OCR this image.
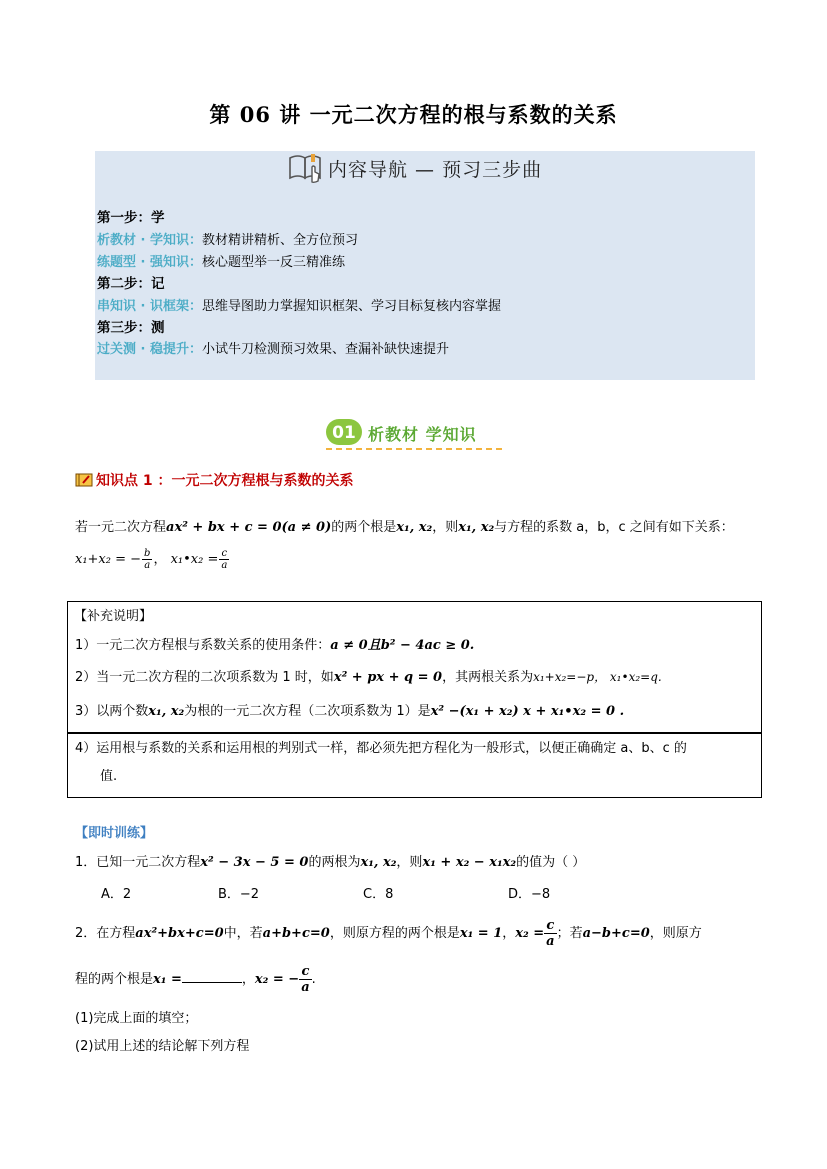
第 06 讲 一元二次方程的根与系数的关系
内容导航 — 预习三步曲
第一步：学
析教材 · 学知识：教材精讲精析、全方位预习
练题型 · 强知识：核心题型举一反三精准练
第二步：记
串知识 · 识框架：思维导图助力掌握知识框架、学习目标复核内容掌握
第三步：测
过关测 · 稳提升：小试牛刀检测预习效果、查漏补缺快速提升
01 析教材 学知识
知识点 1 ：一元二次方程根与系数的关系
若一元二次方程ax² + bx + c = 0(a ≠ 0)的两个根是x₁, x₂，则x₁, x₂与方程的系数 a，b，c 之间有如下关系：
x₁+x₂ = − $\frac{b}{a}$ ， x₁•x₂ = $\frac{c}{a}$
【补充说明】
1）一元二次方程根与系数关系的使用条件：a ≠ 0且b² − 4ac ≥ 0.
2）当一元二次方程的二次项系数为 1 时，如x² + px + q = 0，其两根关系为x₁+x₂=−p， x₁•x₂=q.
3）以两个数x₁, x₂为根的一元二次方程（二次项系数为 1）是x² −(x₁ + x₂) x + x₁•x₂ = 0 .
4）运用根与系数的关系和运用根的判别式一样，都必须先把方程化为一般形式，以便正确确定 a、b、c 的
值.
【即时训练】
1．已知一元二次方程x² − 3x − 5 = 0的两根为x₁, x₂，则x₁ + x₂ − x₁x₂的值为（ ）
A．2	B．−2	C．8	D．−8
2．在方程ax²+bx+c=0中，若a+b+c=0，则原方程的两个根是x₁ = 1，$x_2 = \frac{c}{a}$ ；若a−b+c=0，则原方
程的两个根是x₁ =	，x₂ = − $\frac{c}{a}$ .
(1)完成上面的填空；
(2)试用上述的结论解下列方程
